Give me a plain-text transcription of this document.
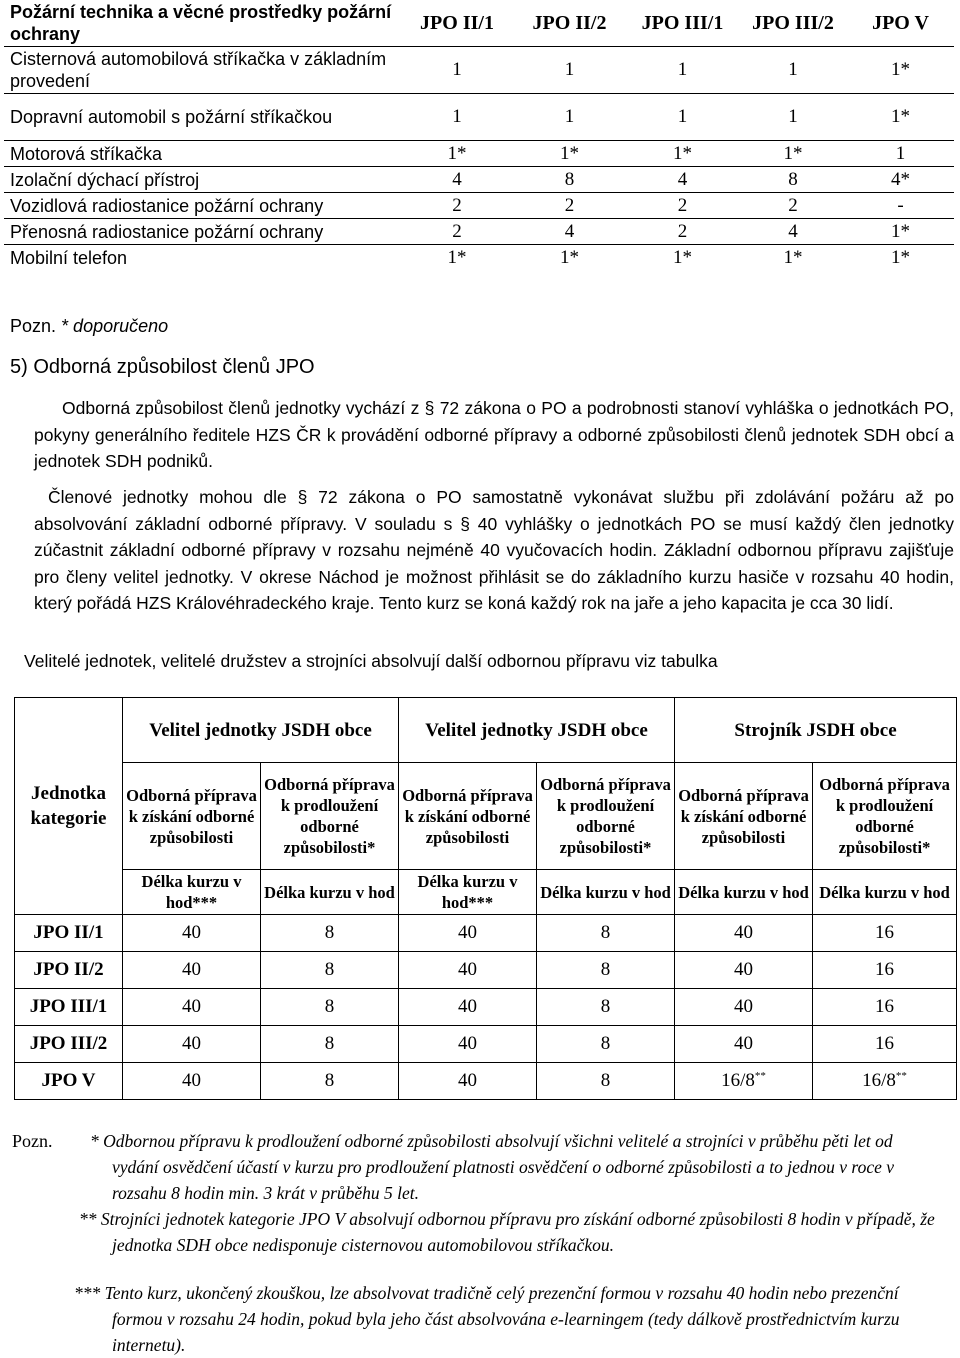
Požární technika a věcné prostředky požární ochrany	JPO II/1	JPO II/2	JPO III/1	JPO III/2	JPO V
Cisternová automobilová stříkačka v základním provedení	1	1	1	1	1*
Dopravní automobil s požární stříkačkou	1	1	1	1	1*
Motorová stříkačka	1*	1*	1*	1*	1
Izolační dýchací přístroj	4	8	4	8	4*
Vozidlová radiostanice požární ochrany	2	2	2	2	-
Přenosná radiostanice požární ochrany	2	4	2	4	1*
Mobilní telefon	1*	1*	1*	1*	1*
Pozn. * doporučeno
5) Odborná způsobilost členů JPO
Odborná způsobilost členů jednotky vychází z § 72 zákona o PO a podrobnosti stanoví vyhláška o jednotkách PO, pokyny generálního ředitele HZS ČR k provádění odborné přípravy a odborné způsobilosti členů jednotek SDH obcí a jednotek SDH podniků.
Členové jednotky mohou dle § 72 zákona o PO samostatně vykonávat službu při zdolávání požáru až po absolvování základní odborné přípravy. V souladu s § 40 vyhlášky o jednotkách PO se musí každý člen jednotky zúčastnit základní odborné přípravy v rozsahu nejméně 40 vyučovacích hodin. Základní odbornou přípravu zajišťuje pro členy velitel jednotky. V okrese Náchod je možnost přihlásit se do základního kurzu hasiče v rozsahu 40 hodin, který pořádá HZS Královéhradeckého kraje. Tento kurz se koná každý rok na jaře a jeho kapacita je cca 30 lidí.
Velitelé jednotek, velitelé družstev a strojníci absolvují další odbornou přípravu viz tabulka
Jednotka kategorie	Velitel jednotky JSDH obce		Velitel jednotky JSDH obce		Strojník JSDH obce	
	Odborná příprava k získání odborné způsobilosti	Odborná příprava k prodloužení odborné způsobilosti*	Odborná příprava k získání odborné způsobilosti	Odborná příprava k prodloužení odborné způsobilosti*	Odborná příprava k získání odborné způsobilosti	Odborná příprava k prodloužení odborné způsobilosti*
	Délka kurzu v hod***	Délka kurzu v hod	Délka kurzu v hod***	Délka kurzu v hod	Délka kurzu v hod	Délka kurzu v hod
JPO II/1	40	8	40	8	40	16
JPO II/2	40	8	40	8	40	16
JPO III/1	40	8	40	8	40	16
JPO III/2	40	8	40	8	40	16
JPO V	40	8	40	8	16/8**	16/8**
Pozn. * Odbornou přípravu k prodloužení odborné způsobilosti absolvují všichni velitelé a strojníci v průběhu pěti let od vydání osvědčení účastí v kurzu pro prodloužení platnosti osvědčení o odborné způsobilosti a to jednou v roce v rozsahu 8 hodin min. 3 krát v průběhu 5 let.
** Strojníci jednotek kategorie JPO V absolvují odbornou přípravu pro získání odborné způsobilosti 8 hodin v případě, že jednotka SDH obce nedisponuje cisternovou automobilovou stříkačkou.
*** Tento kurz, ukončený zkouškou, lze absolvovat tradičně celý prezenční formou v rozsahu 40 hodin nebo prezenční formou v rozsahu 24 hodin, pokud byla jeho část absolvována e-learningem (tedy dálkově prostřednictvím kurzu internetu).
